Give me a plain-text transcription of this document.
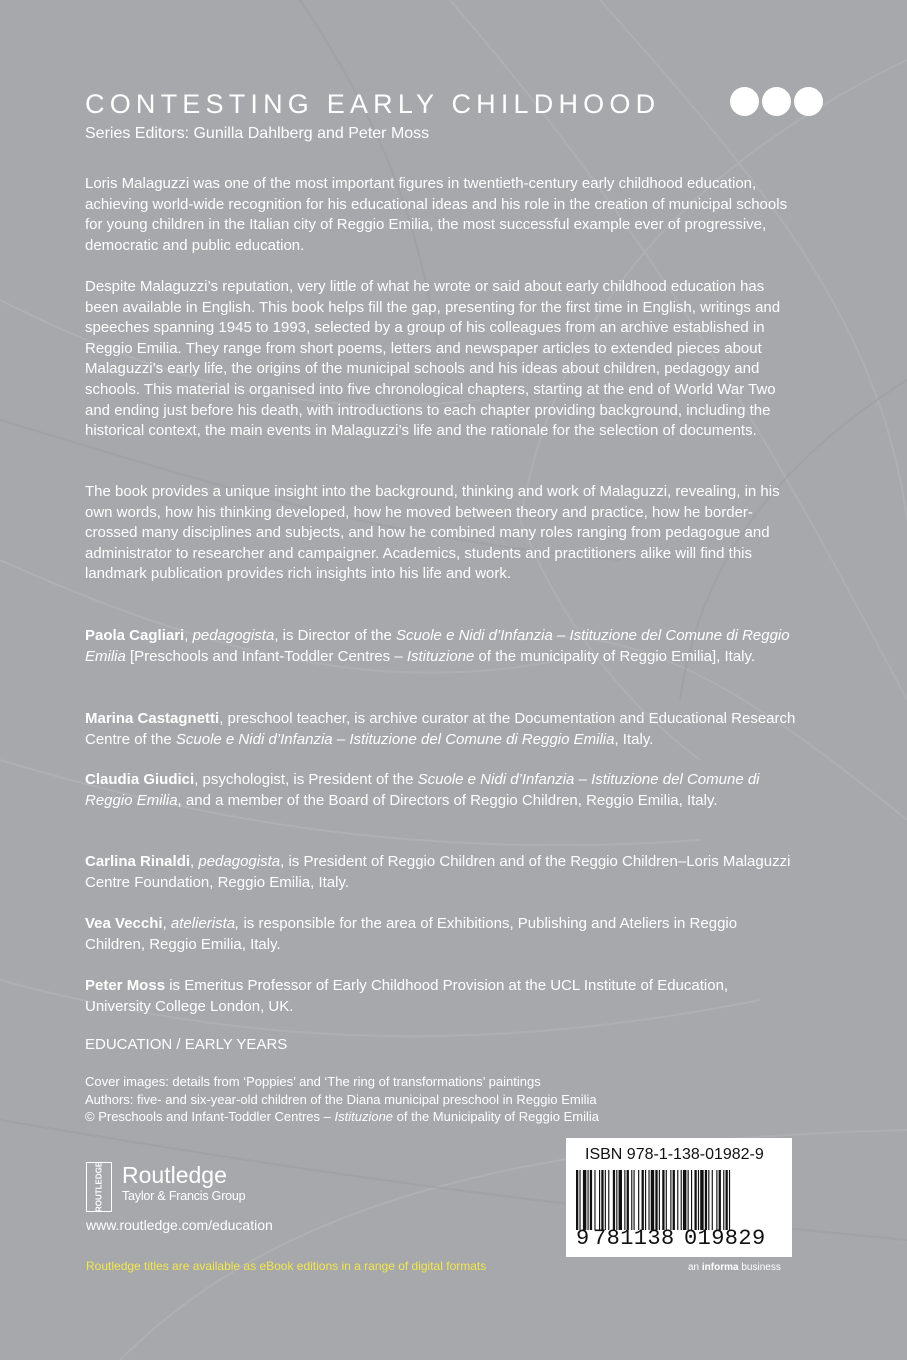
CONTESTING EARLY CHILDHOOD
Series Editors: Gunilla Dahlberg and Peter Moss

Loris Malaguzzi was one of the most important figures in twentieth-century early childhood education, achieving world-wide recognition for his educational ideas and his role in the creation of municipal schools for young children in the Italian city of Reggio Emilia, the most successful example ever of progressive, democratic and public education.

Despite Malaguzzi’s reputation, very little of what he wrote or said about early childhood education has been available in English. This book helps fill the gap, presenting for the first time in English, writings and speeches spanning 1945 to 1993, selected by a group of his colleagues from an archive established in Reggio Emilia. They range from short poems, letters and newspaper articles to extended pieces about Malaguzzi’s early life, the origins of the municipal schools and his ideas about children, pedagogy and schools. This material is organised into five chronological chapters, starting at the end of World War Two and ending just before his death, with introductions to each chapter providing background, including the historical context, the main events in Malaguzzi’s life and the rationale for the selection of documents.

The book provides a unique insight into the background, thinking and work of Malaguzzi, revealing, in his own words, how his thinking developed, how he moved between theory and practice, how he border-crossed many disciplines and subjects, and how he combined many roles ranging from pedagogue and administrator to researcher and campaigner. Academics, students and practitioners alike will find this landmark publication provides rich insights into his life and work.

Paola Cagliari, pedagogista, is Director of the Scuole e Nidi d’Infanzia – Istituzione del Comune di Reggio Emilia [Preschools and Infant-Toddler Centres – Istituzione of the municipality of Reggio Emilia], Italy.

Marina Castagnetti, preschool teacher, is archive curator at the Documentation and Educational Research Centre of the Scuole e Nidi d’Infanzia – Istituzione del Comune di Reggio Emilia, Italy.

Claudia Giudici, psychologist, is President of the Scuole e Nidi d’Infanzia – Istituzione del Comune di Reggio Emilia, and a member of the Board of Directors of Reggio Children, Reggio Emilia, Italy.

Carlina Rinaldi, pedagogista, is President of Reggio Children and of the Reggio Children–Loris Malaguzzi Centre Foundation, Reggio Emilia, Italy.

Vea Vecchi, atelierista, is responsible for the area of Exhibitions, Publishing and Ateliers in Reggio Children, Reggio Emilia, Italy.

Peter Moss is Emeritus Professor of Early Childhood Provision at the UCL Institute of Education, University College London, UK.

EDUCATION / EARLY YEARS
Cover images: details from ‘Poppies’ and ‘The ring of transformations’ paintings
Authors: five- and six-year-old children of the Diana municipal preschool in Reggio Emilia
© Preschools and Infant-Toddler Centres – Istituzione of the Municipality of Reggio Emilia
ROUTLEDGE Routledge
Taylor & Francis Group
www.routledge.com/education
Routledge titles are available as eBook editions in a range of digital formats
ISBN 978-1-138-01982-9
9 781138 019829
an informa business
